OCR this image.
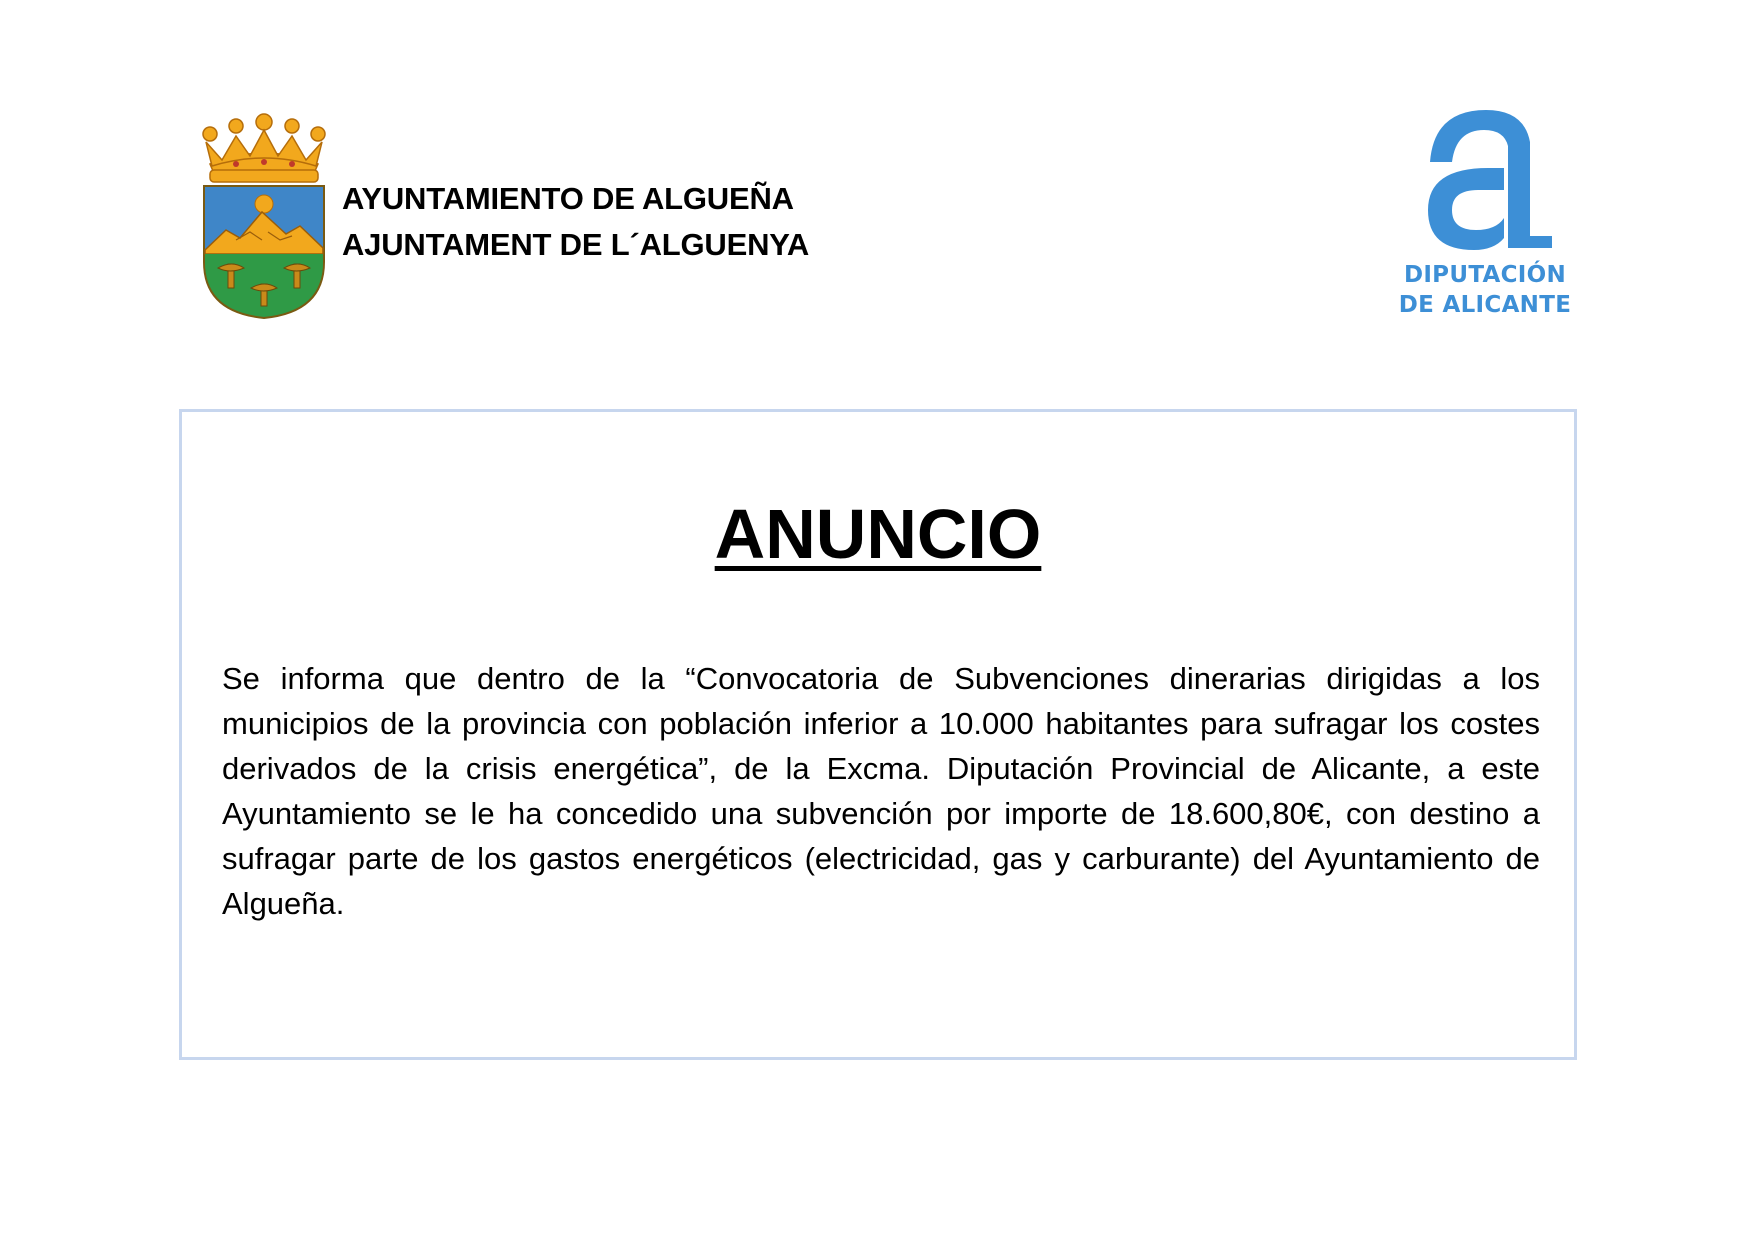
AYUNTAMIENTO DE ALGUEÑA
AJUNTAMENT DE L´ALGUENYA
DIPUTACIÓN
DE ALICANTE
ANUNCIO
Se informa que dentro de la “Convocatoria de Subvenciones dinerarias dirigidas a los municipios de la provincia con población inferior a 10.000 habitantes para sufragar los costes derivados de la crisis energética”, de la Excma. Diputación Provincial de Alicante, a este Ayuntamiento se le ha concedido una subvención por importe de 18.600,80€, con destino a sufragar parte de los gastos energéticos (electricidad, gas y carburante) del Ayuntamiento de Algueña.
